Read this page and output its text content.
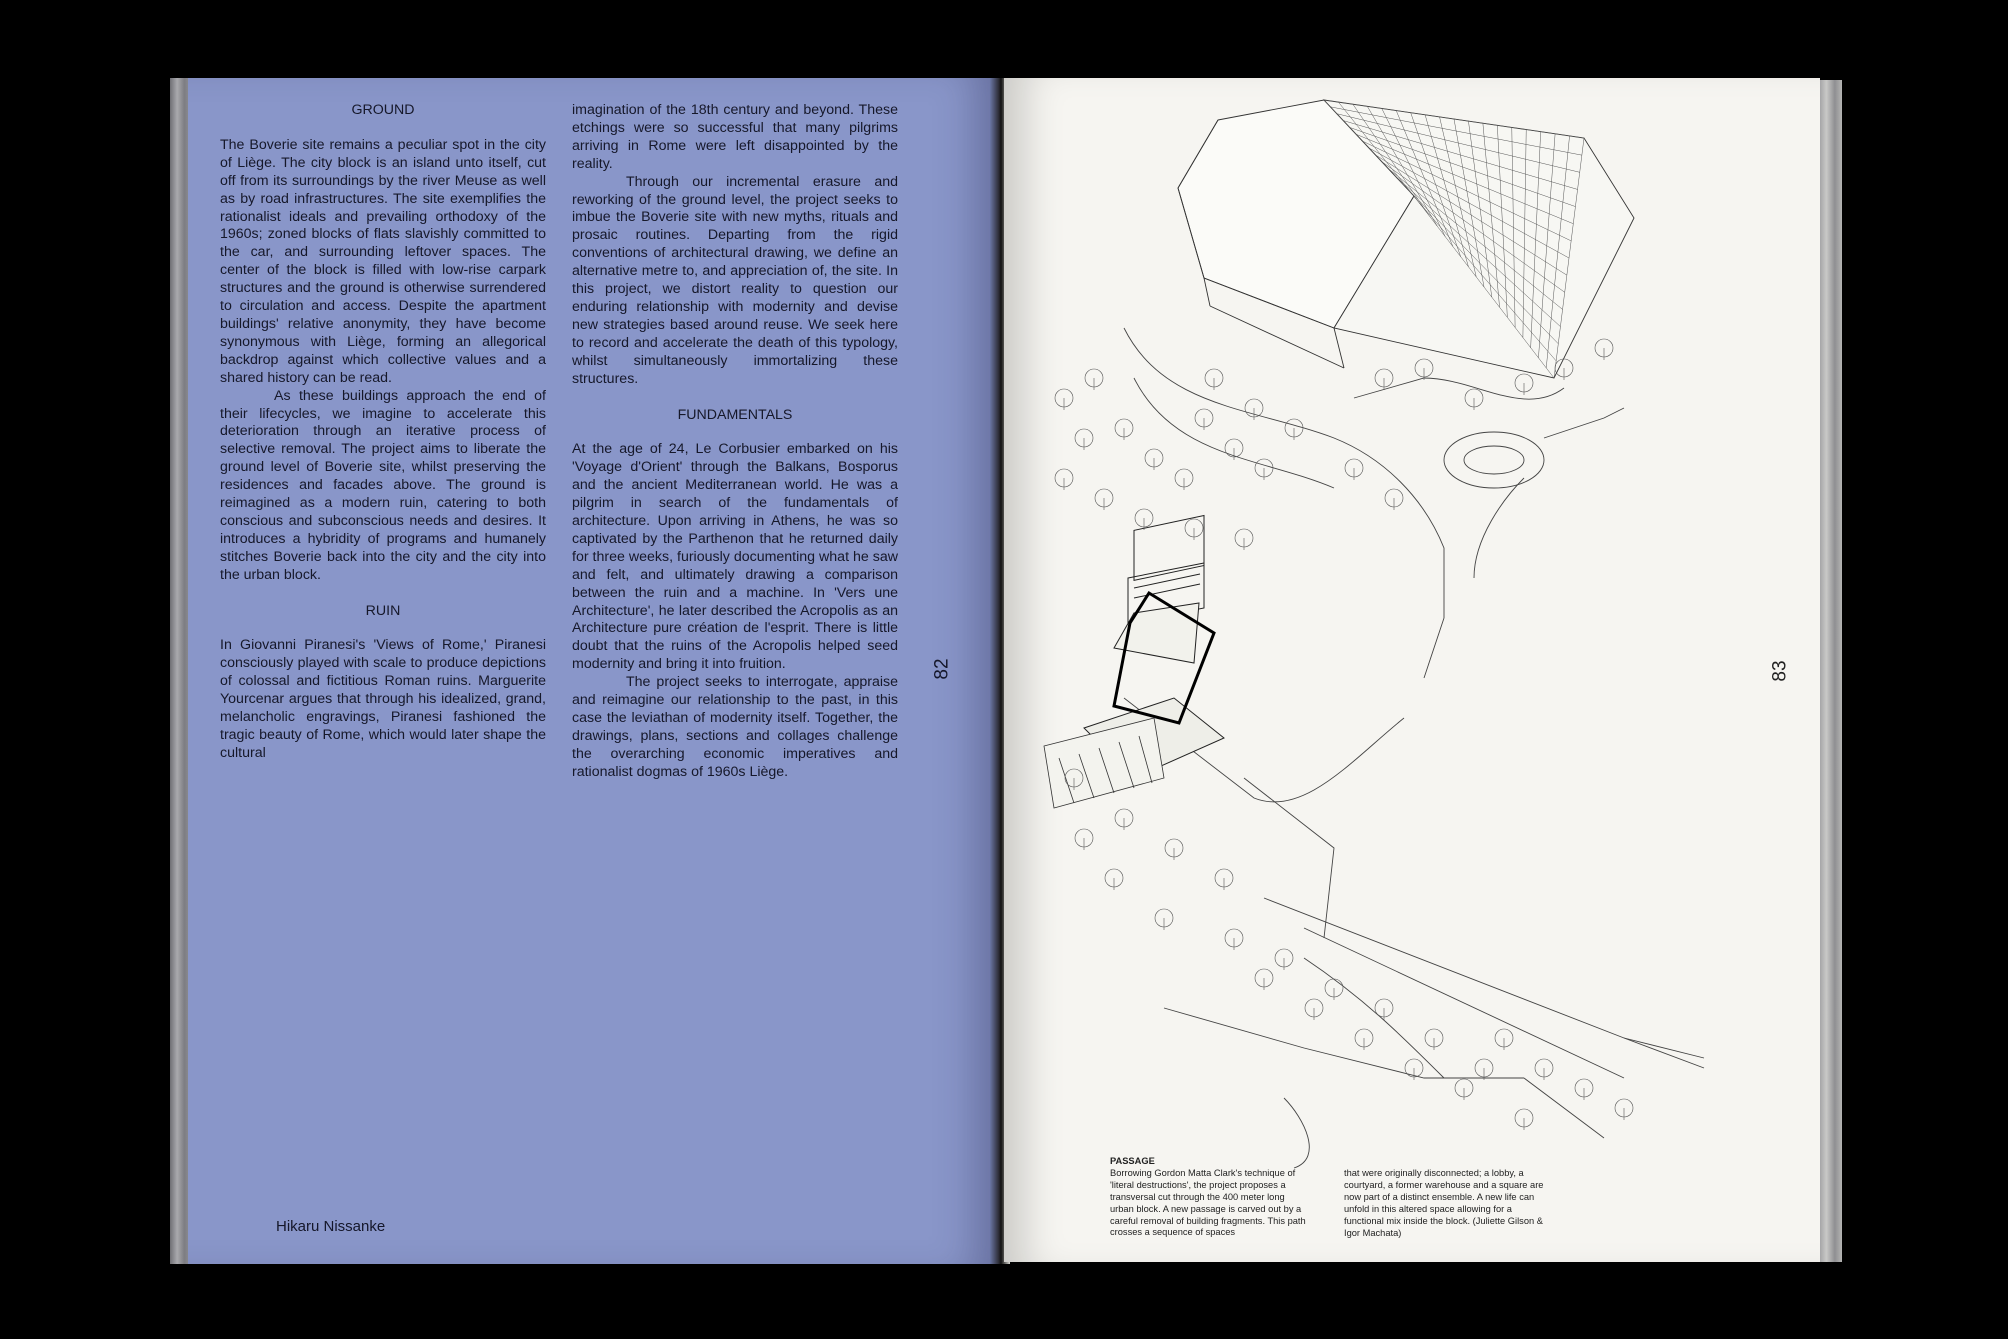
GROUND

The Boverie site remains a peculiar spot in the city of Liège. The city block is an island unto itself, cut off from its surroundings by the river Meuse as well as by road infrastructures. The site exemplifies the rationalist ideals and prevailing orthodoxy of the 1960s; zoned blocks of flats slavishly committed to the car, and surrounding leftover spaces. The center of the block is filled with low-rise carpark structures and the ground is otherwise surrendered to circulation and access. Despite the apartment buildings' relative anonymity, they have become synonymous with Liège, forming an allegorical backdrop against which collective values and a shared history can be read.

As these buildings approach the end of their lifecycles, we imagine to accelerate this deterioration through an iterative process of selective removal. The project aims to liberate the ground level of Boverie site, whilst preserving the residences and facades above. The ground is reimagined as a modern ruin, catering to both conscious and subconscious needs and desires. It introduces a hybridity of programs and humanely stitches Boverie back into the city and the city into the urban block.

RUIN

In Giovanni Piranesi's 'Views of Rome,' Piranesi consciously played with scale to produce depictions of colossal and fictitious Roman ruins. Marguerite Yourcenar argues that through his idealized, grand, melancholic engravings, Piranesi fashioned the tragic beauty of Rome, which would later shape the cultural

imagination of the 18th century and beyond. These etchings were so successful that many pilgrims arriving in Rome were left disappointed by the reality.

Through our incremental erasure and reworking of the ground level, the project seeks to imbue the Boverie site with new myths, rituals and prosaic routines. Departing from the rigid conventions of architectural drawing, we define an alternative metre to, and appreciation of, the site. In this project, we distort reality to question our enduring relationship with modernity and devise new strategies based around reuse. We seek here to record and accelerate the death of this typology, whilst simultaneously immortalizing these structures.

FUNDAMENTALS

At the age of 24, Le Corbusier embarked on his 'Voyage d'Orient' through the Balkans, Bosporus and the ancient Mediterranean world. He was a pilgrim in search of the fundamentals of architecture. Upon arriving in Athens, he was so captivated by the Parthenon that he returned daily for three weeks, furiously documenting what he saw and felt, and ultimately drawing a comparison between the ruin and a machine. In 'Vers une Architecture', he later described the Acropolis as an Architecture pure création de l'esprit. There is little doubt that the ruins of the Acropolis helped seed modernity and bring it into fruition.

The project seeks to interrogate, appraise and reimagine our relationship to the past, in this case the leviathan of modernity itself. Together, the drawings, plans, sections and collages challenge the overarching economic imperatives and rationalist dogmas of 1960s Liège.

82
Hikaru Nissanke
83
PASSAGE
Borrowing Gordon Matta Clark's technique of 'literal destructions', the project proposes a transversal cut through the 400 meter long urban block. A new passage is carved out by a careful removal of building fragments. This path crosses a sequence of spaces
that were originally disconnected; a lobby, a courtyard, a former warehouse and a square are now part of a distinct ensemble. A new life can unfold in this altered space allowing for a functional mix inside the block. (Juliette Gilson & Igor Machata)
